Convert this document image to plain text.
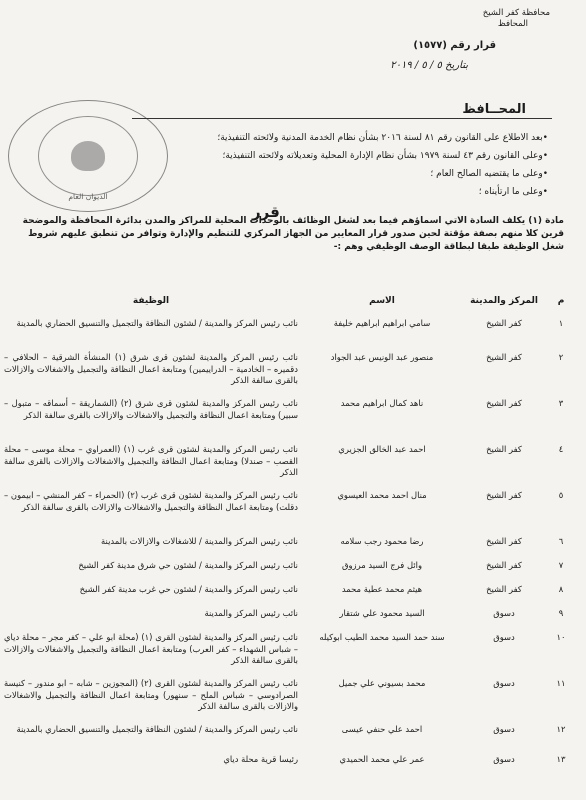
محافظة كفر الشيخ
المحافظ
قرار رقم (١٥٧٧)
بتاريخ ٥ / ٥ / ٢٠١٩
الديوان العام
المحــافظ
•بعد الاطلاع على القانون رقم ٨١ لسنة ٢٠١٦ بشأن نظام الخدمة المدنية ولائحته التنفيذية؛
•وعلى القانون رقم ٤٣ لسنة ١٩٧٩ بشأن نظام الإدارة المحلية وتعديلاته ولائحته التنفيذية؛
•وعلى ما يقتضيه الصالح العام ؛
•وعلى ما ارتأيناه ؛
قرر
مادة (١) يكلف السادة الاتي اسماؤهم فيما بعد لشغل الوظائف بالوحدات المحلية للمراكز والمدن بدائرة المحافظة والموضحة قرين كلا منهم بصفة مؤقتة لحين صدور قرار المعايير من الجهاز المركزي للتنظيم والإدارة وتوافر من تنطبق عليهم شروط شغل الوظيفة طبقا لبطاقة الوصف الوظيفي وهم :-
م	المركز والمدينة	الاسم	الوظيفة
١	كفر الشيخ	سامي ابراهيم ابراهيم خليفة	نائب رئيس المركز والمدينة / لشئون النظافة والتجميل والتنسيق الحضاري بالمدينة
٢	كفر الشيخ	منصور عبد الونيس عبد الجواد	نائب رئيس المركز والمدينة لشئون قرى شرق (١) المنشأة الشرقية – الحلافي – دقميره – الخادمية – الدراييمين) ومتابعة اعمال النظافة والتجميل والاشغالات والازالات بالقرى سالفة الذكر
٣	كفر الشيخ	ناهد كمال ابراهيم محمد	نائب رئيس المركز والمدينة لشئون قرى شرق (٢) (الشماريقة – أسماقه – متبول – سبير) ومتابعة اعمال النظافة والتجميل والاشغالات والازالات بالقرى سالفة الذكر
٤	كفر الشيخ	احمد عبد الخالق الجزيري	نائب رئيس المركز والمدينة لشئون قرى غرب (١) (العمراوي – محلة موسى – محلة القصب – صندلا) ومتابعة اعمال النظافة والتجميل والاشغالات والازالات بالقرى سالفة الذكر
٥	كفر الشيخ	منال احمد محمد العيسوي	نائب رئيس المركز والمدينة لشئون قرى غرب (٢) (الحمراء – كفر المنشي – ابيمون – دقلت) ومتابعة اعمال النظافة والتجميل والاشغالات والازالات بالقرى سالفة الذكر
٦	كفر الشيخ	رضا محمود رجب سلامه	نائب رئيس المركز والمدينة / للاشغالات والازالات بالمدينة
٧	كفر الشيخ	وائل فرج السيد مرزوق	نائب رئيس المركز والمدينة / لشئون حي شرق مدينة كفر الشيخ
٨	كفر الشيخ	هيثم محمد عطية محمد	نائب رئيس المركز والمدينة / لشئون حي غرب مدينة كفر الشيخ
٩	دسوق	السيد محمود علي شتقار	نائب رئيس المركز والمدينة
١٠	دسوق	سند حمد السيد محمد الطيب ابوكيله	نائب رئيس المركز والمدينة لشئون القرى (١) (محلة ابو علي – كفر مجر – محلة دياي – شباس الشهداء – كفر العرب) ومتابعة اعمال النظافة والتجميل والاشغالات والازالات بالقرى سالفة الذكر
١١	دسوق	محمد بسيوني علي جميل	نائب رئيس المركز والمدينة لشئون القرى (٢) (المجوزين – شابه – ابو مندور – كنيسة الصرادوسي – شباس الملح – سنهور) ومتابعة اعمال النظافة والتجميل والاشغالات والازالات بالقرى سالفة الذكر
١٢	دسوق	احمد علي حنفي عيسى	نائب رئيس المركز والمدينة / لشئون النظافة والتجميل والتنسيق الحضاري بالمدينة
١٣	دسوق	عمر علي محمد الحميدي	رئيسا قرية محلة دياي
